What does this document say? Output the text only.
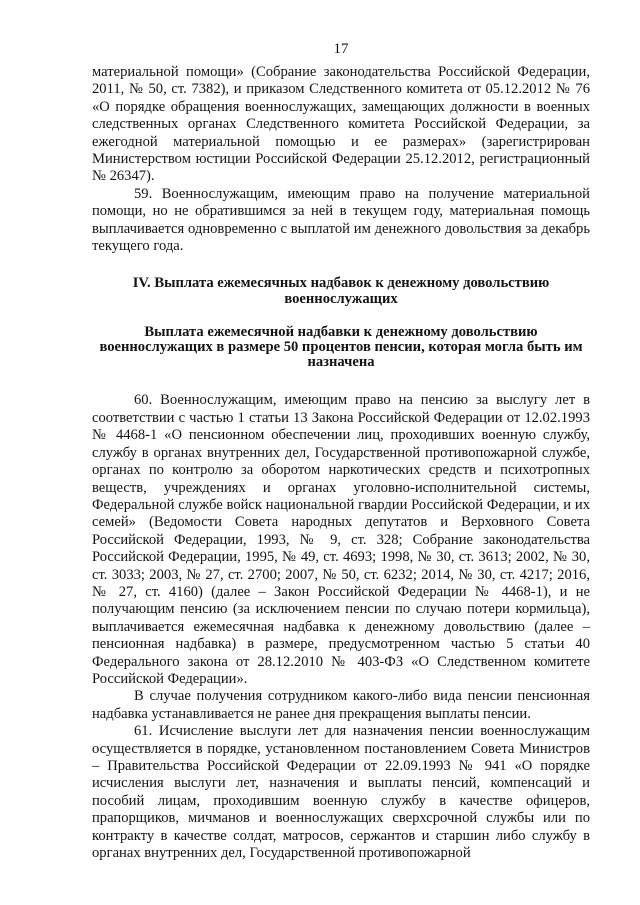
17

материальной помощи» (Собрание законодательства Российской Федерации, 2011, № 50, ст. 7382), и приказом Следственного комитета от 05.12.2012 № 76 «О порядке обращения военнослужащих, замещающих должности в военных следственных органах Следственного комитета Российской Федерации, за ежегодной материальной помощью и ее размерах» (зарегистрирован Министерством юстиции Российской Федерации 25.12.2012, регистрационный № 26347).

59. Военнослужащим, имеющим право на получение материальной помощи, но не обратившимся за ней в текущем году, материальная помощь выплачивается одновременно с выплатой им денежного довольствия за декабрь текущего года.

IV. Выплата ежемесячных надбавок к денежному довольствию военнослужащих
Выплата ежемесячной надбавки к денежному довольствию военнослужащих в размере 50 процентов пенсии, которая могла быть им назначена

60. Военнослужащим, имеющим право на пенсию за выслугу лет в соответствии с частью 1 статьи 13 Закона Российской Федерации от 12.02.1993 № 4468-1 «О пенсионном обеспечении лиц, проходивших военную службу, службу в органах внутренних дел, Государственной противопожарной службе, органах по контролю за оборотом наркотических средств и психотропных веществ, учреждениях и органах уголовно-исполнительной системы, Федеральной службе войск национальной гвардии Российской Федерации, и их семей» (Ведомости Совета народных депутатов и Верховного Совета Российской Федерации, 1993, № 9, ст. 328; Собрание законодательства Российской Федерации, 1995, № 49, ст. 4693; 1998, № 30, ст. 3613; 2002, № 30, ст. 3033; 2003, № 27, ст. 2700; 2007, № 50, ст. 6232; 2014, № 30, ст. 4217; 2016, № 27, ст. 4160) (далее – Закон Российской Федерации № 4468-1), и не получающим пенсию (за исключением пенсии по случаю потери кормильца), выплачивается ежемесячная надбавка к денежному довольствию (далее – пенсионная надбавка) в размере, предусмотренном частью 5 статьи 40 Федерального закона от 28.12.2010 № 403-ФЗ «О Следственном комитете Российской Федерации».

В случае получения сотрудником какого-либо вида пенсии пенсионная надбавка устанавливается не ранее дня прекращения выплаты пенсии.

61. Исчисление выслуги лет для назначения пенсии военнослужащим осуществляется в порядке, установленном постановлением Совета Министров – Правительства Российской Федерации от 22.09.1993 № 941 «О порядке исчисления выслуги лет, назначения и выплаты пенсий, компенсаций и пособий лицам, проходившим военную службу в качестве офицеров, прапорщиков, мичманов и военнослужащих сверхсрочной службы или по контракту в качестве солдат, матросов, сержантов и старшин либо службу в органах внутренних дел, Государственной противопожарной
